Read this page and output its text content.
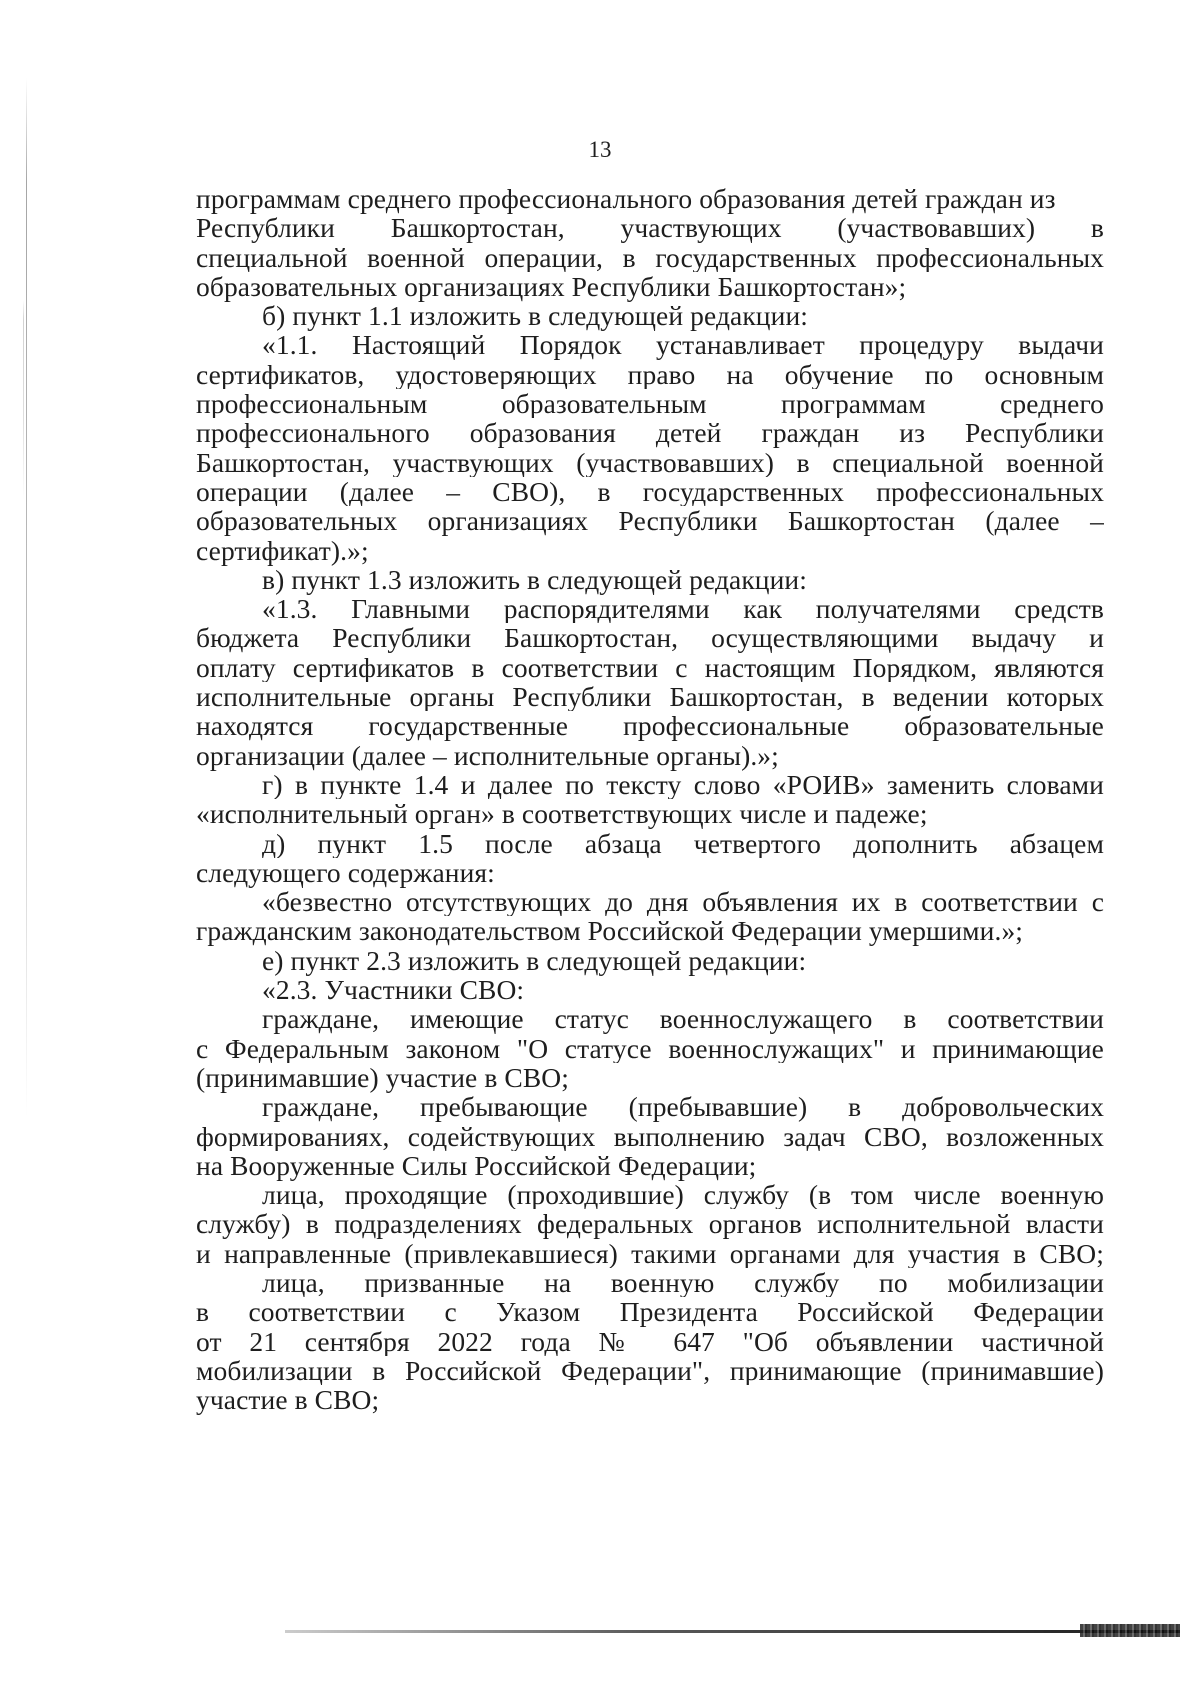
13
программам среднего профессионального образования детей граждан из
Республики Башкортостан, участвующих (участвовавших) в
специальной военной операции, в государственных профессиональных
образовательных организациях Республики Башкортостан»;
б) пункт 1.1 изложить в следующей редакции:
«1.1. Настоящий Порядок устанавливает процедуру выдачи
сертификатов, удостоверяющих право на обучение по основным
профессиональным образовательным программам среднего
профессионального образования детей граждан из Республики
Башкортостан, участвующих (участвовавших) в специальной военной
операции (далее – СВО), в государственных профессиональных
образовательных организациях Республики Башкортостан (далее –
сертификат).»;
в) пункт 1.3 изложить в следующей редакции:
«1.3. Главными распорядителями как получателями средств
бюджета Республики Башкортостан, осуществляющими выдачу и
оплату сертификатов в соответствии с настоящим Порядком, являются
исполнительные органы Республики Башкортостан, в ведении которых
находятся государственные профессиональные образовательные
организации (далее – исполнительные органы).»;
г) в пункте 1.4 и далее по тексту слово «РОИВ» заменить словами
«исполнительный орган» в соответствующих числе и падеже;
д) пункт 1.5 после абзаца четвертого дополнить абзацем
следующего содержания:
«безвестно отсутствующих до дня объявления их в соответствии с
гражданским законодательством Российской Федерации умершими.»;
е) пункт 2.3 изложить в следующей редакции:
«2.3. Участники СВО:
граждане, имеющие статус военнослужащего в соответствии
с Федеральным законом "О статусе военнослужащих" и принимающие
(принимавшие) участие в СВО;
граждане, пребывающие (пребывавшие) в добровольческих
формированиях, содействующих выполнению задач СВО, возложенных
на Вооруженные Силы Российской Федерации;
лица, проходящие (проходившие) службу (в том числе военную
службу) в подразделениях федеральных органов исполнительной власти
и направленные (привлекавшиеся) такими органами для участия в СВО;
лица, призванные на военную службу по мобилизации
в соответствии с Указом Президента Российской Федерации
от 21 сентября 2022 года № 647 "Об объявлении частичной
мобилизации в Российской Федерации", принимающие (принимавшие)
участие в СВО;
